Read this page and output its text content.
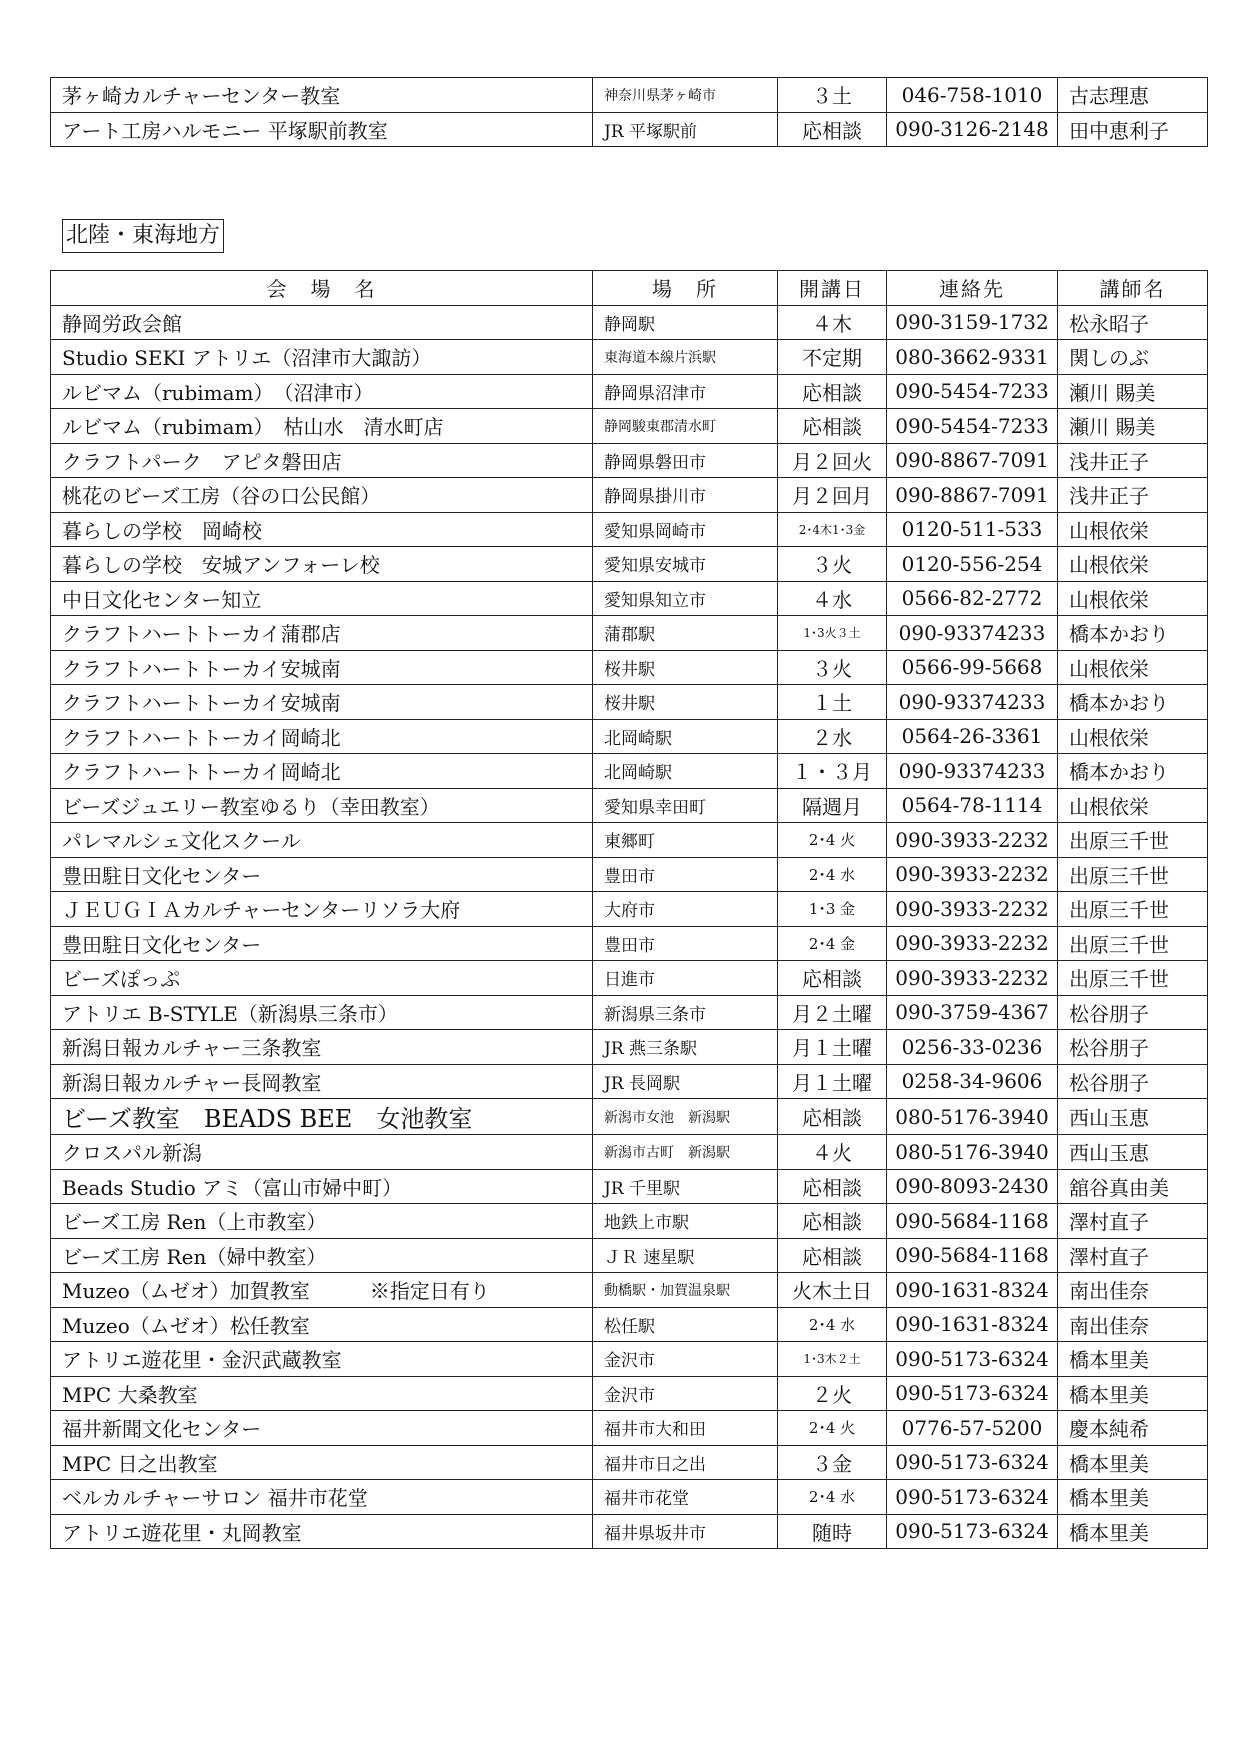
茅ヶ崎カルチャーセンター教室	神奈川県茅ヶ崎市	３土	046-758-1010	古志理恵
アート工房ハルモニー 平塚駅前教室	JR 平塚駅前	応相談	090-3126-2148	田中恵利子
北陸・東海地方
会　場　名	場　所	開講日	連絡先	講師名
静岡労政会館	静岡駅	４木	090-3159-1732	松永昭子
Studio SEKI アトリエ（沼津市大諏訪）	東海道本線片浜駅	不定期	080-3662-9331	関しのぶ
ルビマム（rubimam）　（沼津市）	静岡県沼津市	応相談	090-5454-7233	瀬川 賜美
ルビマム（rubimam）　枯山水　清水町店	静岡駿東郡清水町	応相談	090-5454-7233	瀬川 賜美
クラフトパーク　アピタ磐田店	静岡県磐田市	月２回火	090-8867-7091	浅井正子
桃花のビーズ工房（谷の口公民館）	静岡県掛川市	月２回月	090-8867-7091	浅井正子
暮らしの学校　岡崎校	愛知県岡崎市	2･4木1･3金	0120-511-533	山根依栄
暮らしの学校　安城アンフォーレ校	愛知県安城市	３火	0120-556-254	山根依栄
中日文化センター知立	愛知県知立市	４水	0566-82-2772	山根依栄
クラフトハートトーカイ蒲郡店	蒲郡駅	1･3火３土	090-93374233	橋本かおり
クラフトハートトーカイ安城南	桜井駅	３火	0566-99-5668	山根依栄
クラフトハートトーカイ安城南	桜井駅	１土	090-93374233	橋本かおり
クラフトハートトーカイ岡崎北	北岡崎駅	２水	0564-26-3361	山根依栄
クラフトハートトーカイ岡崎北	北岡崎駅	１・３月	090-93374233	橋本かおり
ビーズジュエリー教室ゆるり（幸田教室）	愛知県幸田町	隔週月	0564-78-1114	山根依栄
パレマルシェ文化スクール	東郷町	2･4 火	090-3933-2232	出原三千世
豊田駐日文化センター	豊田市	2･4 水	090-3933-2232	出原三千世
ＪＥＵＧＩＡカルチャーセンターリソラ大府	大府市	1･3 金	090-3933-2232	出原三千世
豊田駐日文化センター	豊田市	2･4 金	090-3933-2232	出原三千世
ビーズぽっぷ	日進市	応相談	090-3933-2232	出原三千世
アトリエ B-STYLE（新潟県三条市）	新潟県三条市	月２土曜	090-3759-4367	松谷朋子
新潟日報カルチャー三条教室	JR 燕三条駅	月１土曜	0256-33-0236	松谷朋子
新潟日報カルチャー長岡教室	JR 長岡駅	月１土曜	0258-34-9606	松谷朋子
ビーズ教室　BEADS BEE　女池教室	新潟市女池　新潟駅	応相談	080-5176-3940	西山玉恵
クロスパル新潟	新潟市古町　新潟駅	４火	080-5176-3940	西山玉恵
Beads Studio アミ（富山市婦中町）	JR 千里駅	応相談	090-8093-2430	舘谷真由美
ビーズ工房 Ren（上市教室）	地鉄上市駅	応相談	090-5684-1168	澤村直子
ビーズ工房 Ren（婦中教室）	ＪＲ 速星駅	応相談	090-5684-1168	澤村直子
Muzeo（ムゼオ）加賀教室　　　※指定日有り	動橋駅・加賀温泉駅	火木土日	090-1631-8324	南出佳奈
Muzeo（ムゼオ）松任教室	松任駅	2･4 水	090-1631-8324	南出佳奈
アトリエ遊花里・金沢武蔵教室	金沢市	1･3木２土	090-5173-6324	橋本里美
MPC 大桑教室	金沢市	２火	090-5173-6324	橋本里美
福井新聞文化センター	福井市大和田	2･4 火	0776-57-5200	慶本純希
MPC 日之出教室	福井市日之出	３金	090-5173-6324	橋本里美
ベルカルチャーサロン 福井市花堂	福井市花堂	2･4 水	090-5173-6324	橋本里美
アトリエ遊花里・丸岡教室	福井県坂井市	随時	090-5173-6324	橋本里美
